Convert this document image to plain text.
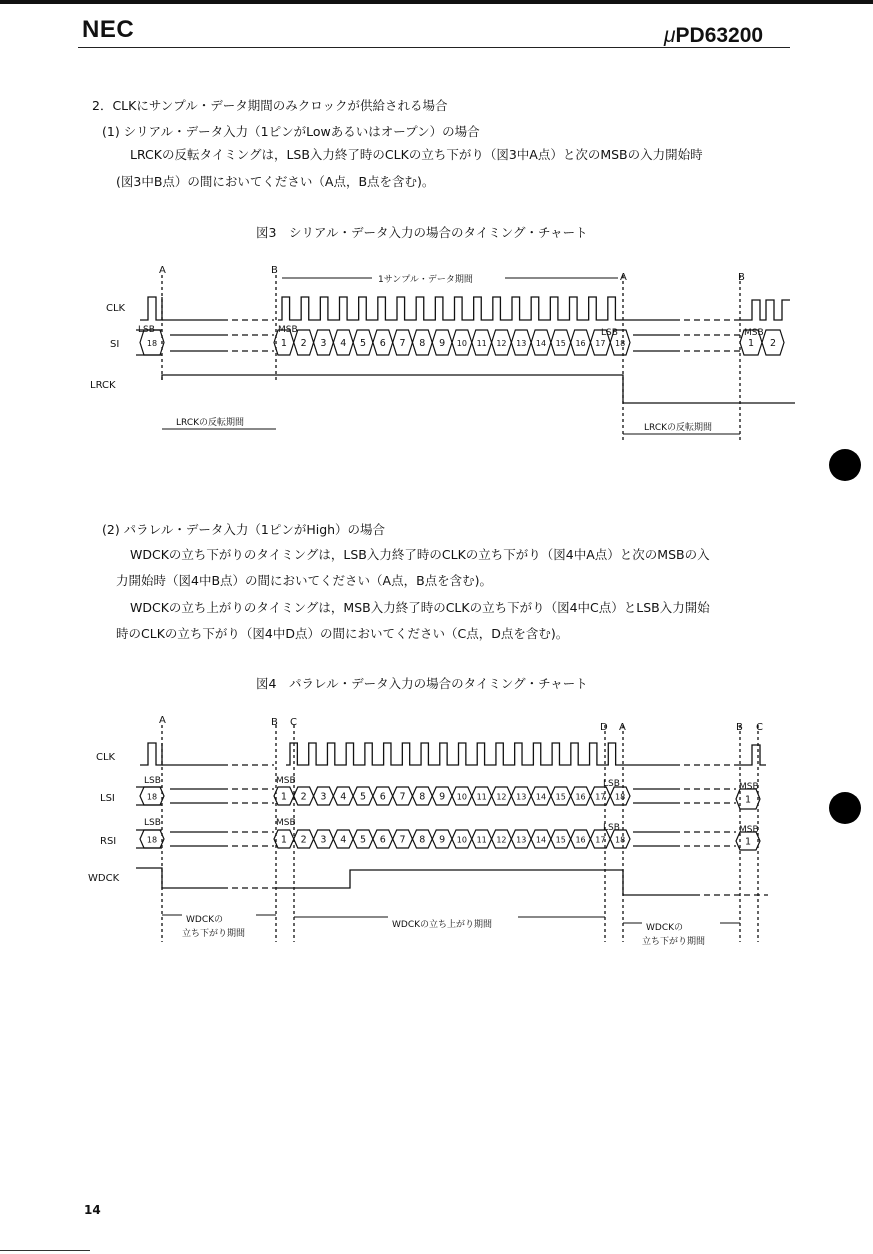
NEC	μPD63200
2．CLKにサンプル・データ期間のみクロックが供給される場合
(1) シリアル・データ入力（1ピンがLowあるいはオープン）の場合
LRCKの反転タイミングは，LSB入力終了時のCLKの立ち下がり（図3中A点）と次のMSBの入力開始時
(図3中B点）の間においてください（A点，B点を含む)。
図3　シリアル・データ入力の場合のタイミング・チャート
18	1 2 3 4 5 6 7 8 9 10 11 12 13 14 15 16 17 18	1 2
CLK
SI
LRCK
A	B
A	B
LSB	MSB	LSB	MSB
1サンプル・データ期間
LRCKの反転期間	LRCKの反転期間
(2) パラレル・データ入力（1ピンがHigh）の場合
WDCKの立ち下がりのタイミングは，LSB入力終了時のCLKの立ち下がり（図4中A点）と次のMSBの入
力開始時（図4中B点）の間においてください（A点，B点を含む)。
WDCKの立ち上がりのタイミングは，MSB入力終了時のCLKの立ち下がり（図4中C点）とLSB入力開始
時のCLKの立ち下がり（図4中D点）の間においてください（C点，D点を含む)。
図4　パラレル・データ入力の場合のタイミング・チャート
18	1 2 3 4 5 6 7 8 9 10 11 12 13 14 15 16 17 18	1
18	1 2 3 4 5 6 7 8 9 10 11 12 13 14 15 16 17 18	1
CLK
LSI
RSI
WDCK
A	B C	D A	B C
LSB	MSB	LSB	MSB
LSB	MSB	LSB	MSB
WDCKの
立ち下がり期間
WDCKの立ち上がり期間	WDCKの
立ち下がり期間
14
